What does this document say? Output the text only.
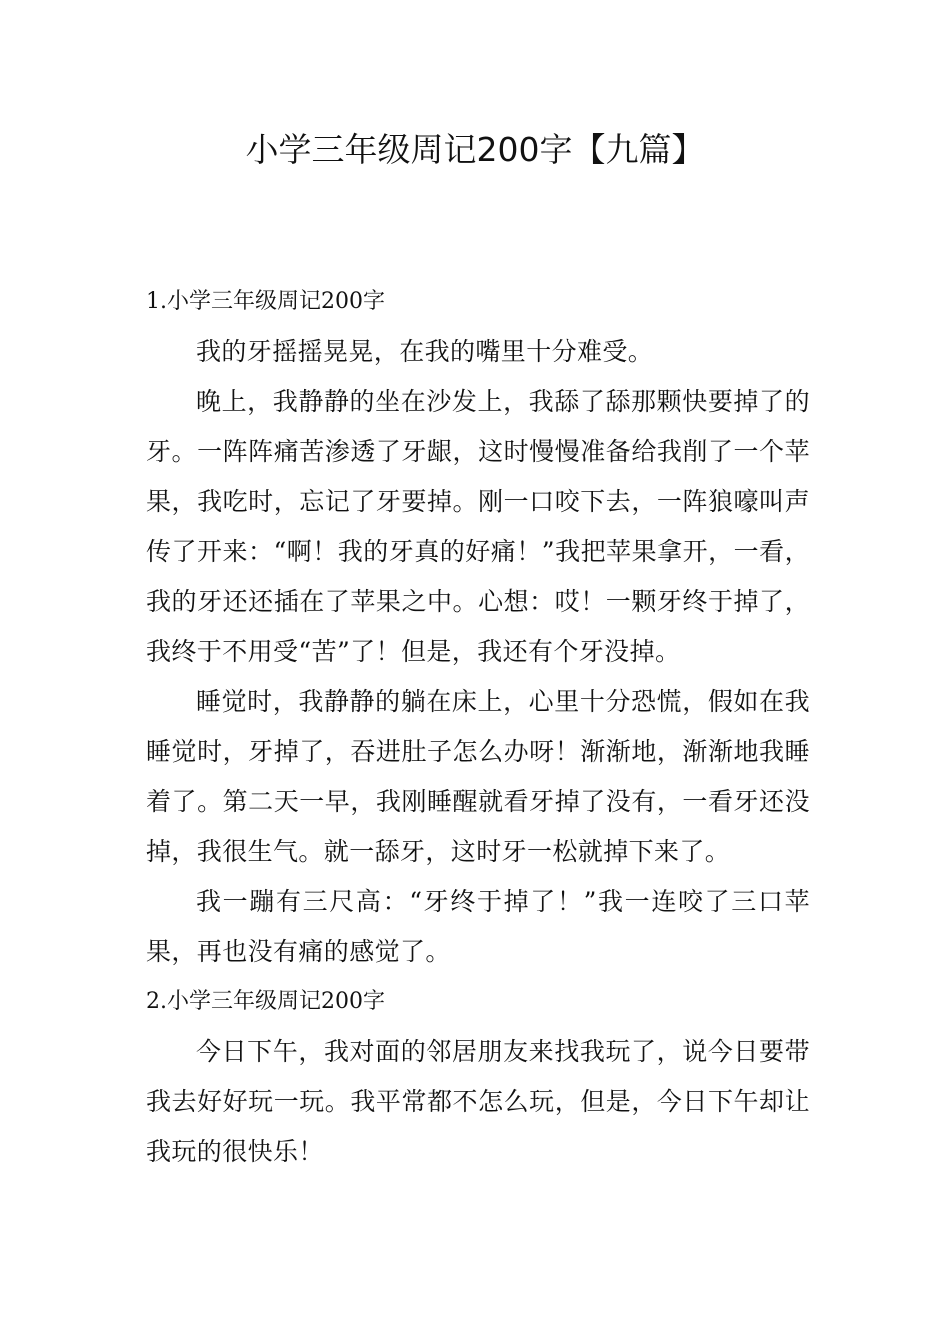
小学三年级周记200字【九篇】
1.小学三年级周记200字

我的牙摇摇晃晃，在我的嘴里十分难受。

晚上，我静静的坐在沙发上，我舔了舔那颗快要掉了的牙。一阵阵痛苦渗透了牙龈，这时慢慢准备给我削了一个苹果，我吃时，忘记了牙要掉。刚一口咬下去，一阵狼嚎叫声传了开来：“啊！我的牙真的好痛！”我把苹果拿开，一看，我的牙还还插在了苹果之中。心想：哎！一颗牙终于掉了，我终于不用受“苦”了！但是，我还有个牙没掉。

睡觉时，我静静的躺在床上，心里十分恐慌，假如在我睡觉时，牙掉了，吞进肚子怎么办呀！渐渐地，渐渐地我睡着了。第二天一早，我刚睡醒就看牙掉了没有，一看牙还没掉，我很生气。就一舔牙，这时牙一松就掉下来了。

我一蹦有三尺高：“牙终于掉了！”我一连咬了三口苹果，再也没有痛的感觉了。

2.小学三年级周记200字

今日下午，我对面的邻居朋友来找我玩了，说今日要带我去好好玩一玩。我平常都不怎么玩，但是，今日下午却让我玩的很快乐！
